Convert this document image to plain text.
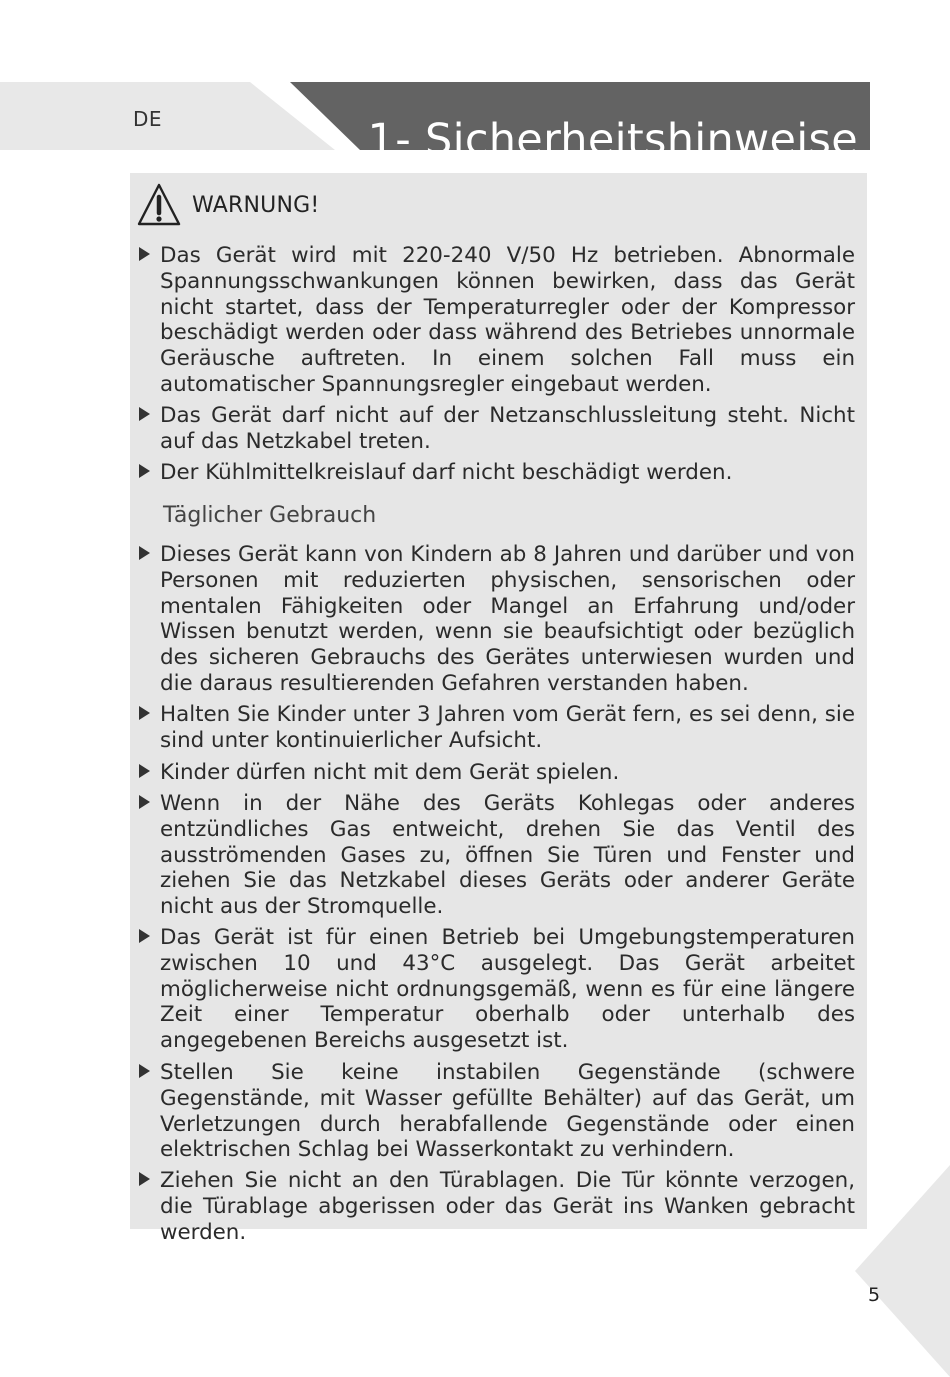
DE	1- Sicherheitshinweise
WARNUNG!

Das Gerät wird mit 220-240 V/50 Hz betrieben. Abnormale Spannungsschwankungen können bewirken, dass das Gerät nicht startet, dass der Temperaturregler oder der Kompressor beschädigt werden oder dass während des Betriebes unnormale Geräusche auftreten. In einem solchen Fall muss ein automatischer Spannungsregler eingebaut werden.

Das Gerät darf nicht auf der Netzanschlussleitung steht. Nicht auf das Netzkabel treten.

Der Kühlmittelkreislauf darf nicht beschädigt werden.

Täglicher Gebrauch

Dieses Gerät kann von Kindern ab 8 Jahren und darüber und von Personen mit reduzierten physischen, sensorischen oder mentalen Fähigkeiten oder Mangel an Erfahrung und/oder Wissen benutzt werden, wenn sie beaufsichtigt oder bezüglich des sicheren Gebrauchs des Gerätes unterwiesen wurden und die daraus resultierenden Gefahren verstanden haben.

Halten Sie Kinder unter 3 Jahren vom Gerät fern, es sei denn, sie sind unter kontinuierlicher Aufsicht.

Kinder dürfen nicht mit dem Gerät spielen.

Wenn in der Nähe des Geräts Kohlegas oder anderes entzündliches Gas entweicht, drehen Sie das Ventil des ausströmenden Gases zu, öffnen Sie Türen und Fenster und ziehen Sie das Netzkabel dieses Geräts oder anderer Geräte nicht aus der Stromquelle.

Das Gerät ist für einen Betrieb bei Umgebungstemperaturen zwischen 10 und 43°C ausgelegt. Das Gerät arbeitet möglicherweise nicht ordnungsgemäß, wenn es für eine längere Zeit einer Temperatur oberhalb oder unterhalb des angegebenen Bereichs ausgesetzt ist.

Stellen Sie keine instabilen Gegenstände (schwere Gegenstände, mit Wasser gefüllte Behälter) auf das Gerät, um Verletzungen durch herabfallende Gegenstände oder einen elektrischen Schlag bei Wasserkontakt zu verhindern.

Ziehen Sie nicht an den Türablagen. Die Tür könnte verzogen, die Türablage abgerissen oder das Gerät ins Wanken gebracht werden.

5
